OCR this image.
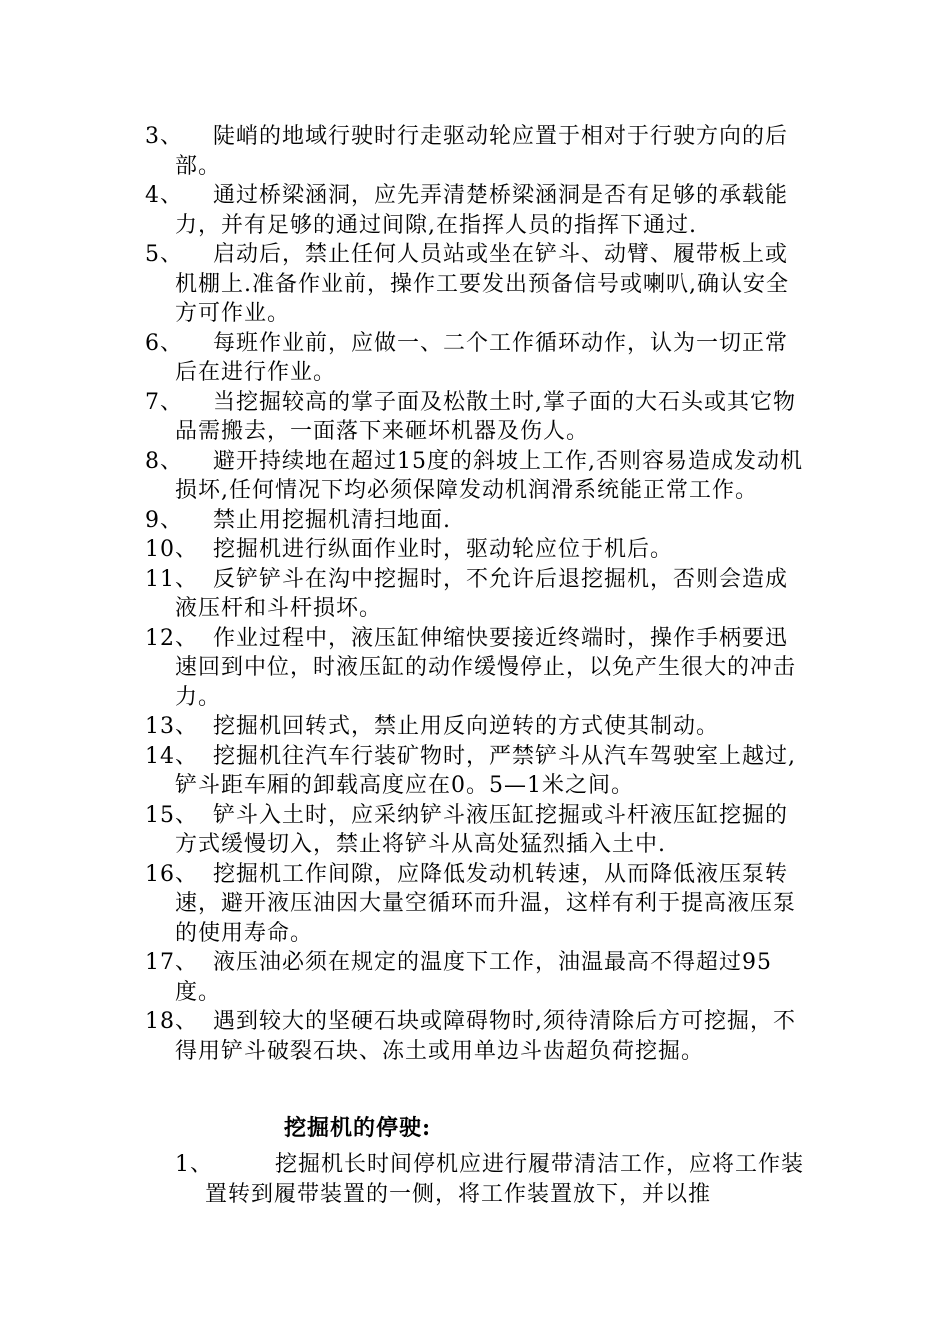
3、	陡峭的地域行驶时行走驱动轮应置于相对于行驶方向的后部。
4、	通过桥梁涵洞，应先弄清楚桥梁涵洞是否有足够的承载能力，并有足够的通过间隙,在指挥人员的指挥下通过.
5、	启动后，禁止任何人员站或坐在铲斗、动臂、履带板上或机棚上.准备作业前，操作工要发出预备信号或喇叭,确认安全方可作业。
6、	每班作业前，应做一、二个工作循环动作，认为一切正常后在进行作业。
7、	当挖掘较高的掌子面及松散土时,掌子面的大石头或其它物品需搬去，一面落下来砸坏机器及伤人。
8、	避开持续地在超过15度的斜坡上工作,否则容易造成发动机损坏,任何情况下均必须保障发动机润滑系统能正常工作。
9、	禁止用挖掘机清扫地面.
10、 挖掘机进行纵面作业时，驱动轮应位于机后。
11、 反铲铲斗在沟中挖掘时，不允许后退挖掘机，否则会造成液压杆和斗杆损坏。
12、 作业过程中，液压缸伸缩快要接近终端时，操作手柄要迅速回到中位，时液压缸的动作缓慢停止，以免产生很大的冲击力。
13、 挖掘机回转式，禁止用反向逆转的方式使其制动。
14、 挖掘机往汽车行装矿物时，严禁铲斗从汽车驾驶室上越过,铲斗距车厢的卸载高度应在0。5—1米之间。
15、 铲斗入土时，应采纳铲斗液压缸挖掘或斗杆液压缸挖掘的方式缓慢切入，禁止将铲斗从高处猛烈插入土中.
16、 挖掘机工作间隙，应降低发动机转速，从而降低液压泵转速，避开液压油因大量空循环而升温，这样有利于提高液压泵的使用寿命。
17、 液压油必须在规定的温度下工作，油温最高不得超过95度。
18、 遇到较大的坚硬石块或障碍物时,须待清除后方可挖掘，不得用铲斗破裂石块、冻土或用单边斗齿超负荷挖掘。
挖掘机的停驶:
1、	挖掘机长时间停机应进行履带清洁工作，应将工作装置转到履带装置的一侧，将工作装置放下，并以推
